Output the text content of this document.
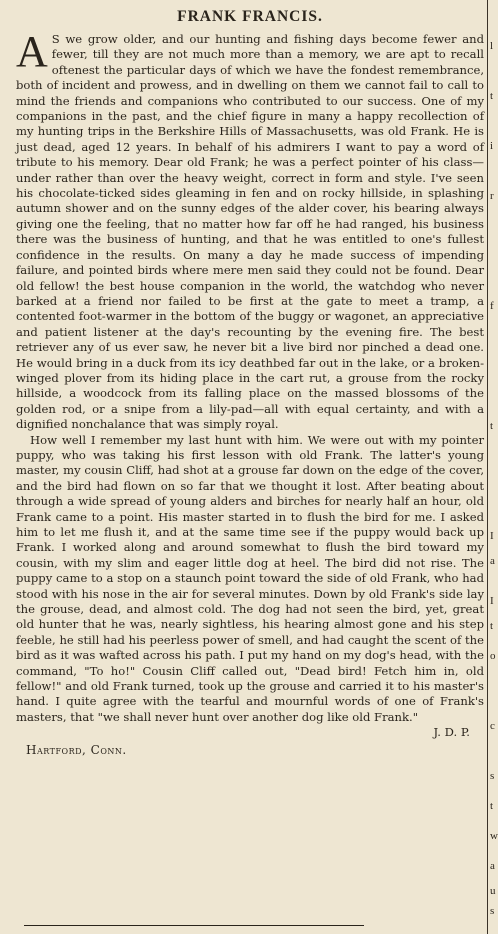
FRANK FRANCIS.

A S we grow older, and our hunting and fishing days become fewer and fewer, till they are not much more than a memory, we are apt to recall oftenest the particular days of which we have the fondest remembrance, both of incident and prowess, and in dwelling on them we cannot fail to call to mind the friends and companions who contributed to our success. One of my companions in the past, and the chief figure in many a happy recollection of my hunting trips in the Berkshire Hills of Massachusetts, was old Frank. He is just dead, aged 12 years. In behalf of his admirers I want to pay a word of tribute to his memory. Dear old Frank; he was a perfect pointer of his class—under rather than over the heavy weight, correct in form and style. I've seen his chocolate-ticked sides gleaming in fen and on rocky hillside, in splashing autumn shower and on the sunny edges of the alder cover, his bearing always giving one the feeling, that no matter how far off he had ranged, his business there was the business of hunting, and that he was entitled to one's fullest confidence in the results. On many a day he made success of impending failure, and pointed birds where mere men said they could not be found. Dear old fellow! the best house companion in the world, the watchdog who never barked at a friend nor failed to be first at the gate to meet a tramp, a contented foot-warmer in the bottom of the buggy or wagonet, an appreciative and patient listener at the day's recounting by the evening fire. The best retriever any of us ever saw, he never bit a live bird nor pinched a dead one. He would bring in a duck from its icy deathbed far out in the lake, or a broken-winged plover from its hiding place in the cart rut, a grouse from the rocky hillside, a woodcock from its falling place on the massed blossoms of the golden rod, or a snipe from a lily-pad—all with equal certainty, and with a dignified nonchalance that was simply royal.

How well I remember my last hunt with him. We were out with my pointer puppy, who was taking his first lesson with old Frank. The latter's young master, my cousin Cliff, had shot at a grouse far down on the edge of the cover, and the bird had flown on so far that we thought it lost. After beating about through a wide spread of young alders and birches for nearly half an hour, old Frank came to a point. His master started in to flush the bird for me. I asked him to let me flush it, and at the same time see if the puppy would back up Frank. I worked along and around somewhat to flush the bird toward my cousin, with my slim and eager little dog at heel. The bird did not rise. The puppy came to a stop on a staunch point toward the side of old Frank, who had stood with his nose in the air for several minutes. Down by old Frank's side lay the grouse, dead, and almost cold. The dog had not seen the bird, yet, great old hunter that he was, nearly sightless, his hearing almost gone and his step feeble, he still had his peerless power of smell, and had caught the scent of the bird as it was wafted across his path. I put my hand on my dog's head, with the command, "To ho!" Cousin Cliff called out, "Dead bird! Fetch him in, old fellow!" and old Frank turned, took up the grouse and carried it to his master's hand. I quite agree with the tearful and mournful words of one of Frank's masters, that "we shall never hunt over another dog like old Frank."

J. D. P.
Hartford, Conn.
l
t
i
r
f
t
I
a
I
t
o
c
s
t
w
a
u
s
